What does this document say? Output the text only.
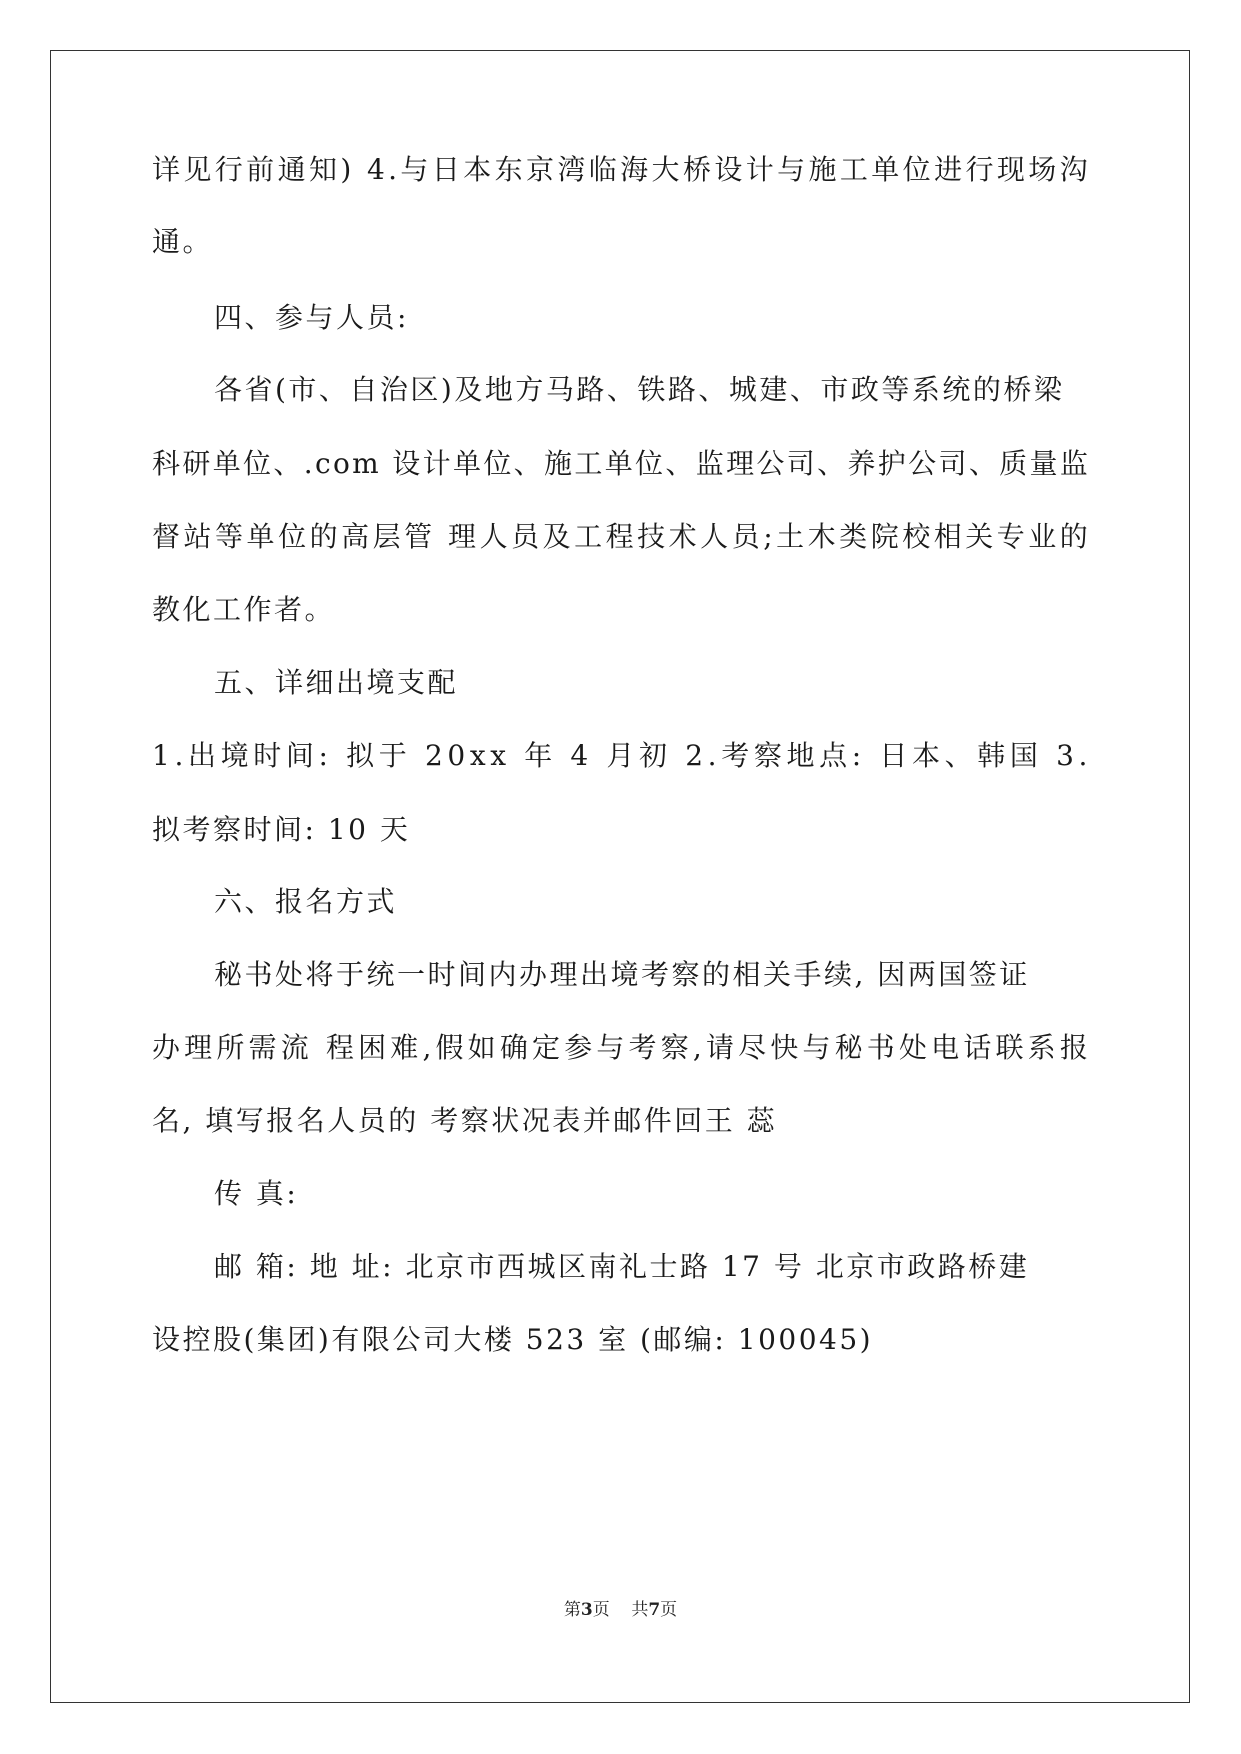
详 见 行 前 通 知 )
4 . 与 日 本 东 京 湾 临 海 大 桥 设 计 与 施 工 单 位 进 行 现 场 沟
通。
四、参与人员:
各省(市、自治区)及地方马路、铁路、城建、市政等系统的桥梁
科 研 单 位 、 . c o m
设 计 单 位 、 施 工 单 位 、 监 理 公 司 、 养 护 公 司 、 质 量 监
督 站 等 单 位 的 高 层 管
理 人 员 及 工 程 技 术 人 员 ; 土 木 类 院 校 相 关 专 业 的
教化工作者。
五、详细出境支配
1 . 出 境 时 间 :
拟 于
2 0 x x
年
4
月 初
2 . 考 察 地 点 :
日 本 、 韩 国
3 .
拟考察时间: 10 天
六、报名方式
秘书处将于统一时间内办理出境考察的相关手续, 因两国签证
办 理 所 需 流
程 困 难 , 假 如 确 定 参 与 考 察 , 请 尽 快 与 秘 书 处 电 话 联 系 报
名, 填写报名人员的 考察状况表并邮件回王 蕊
传 真:
邮 箱: 地 址: 北京市西城区南礼士路 17 号 北京市政路桥建
设控股(集团)有限公司大楼 523 室 (邮编: 100045)
第3页 共7页
